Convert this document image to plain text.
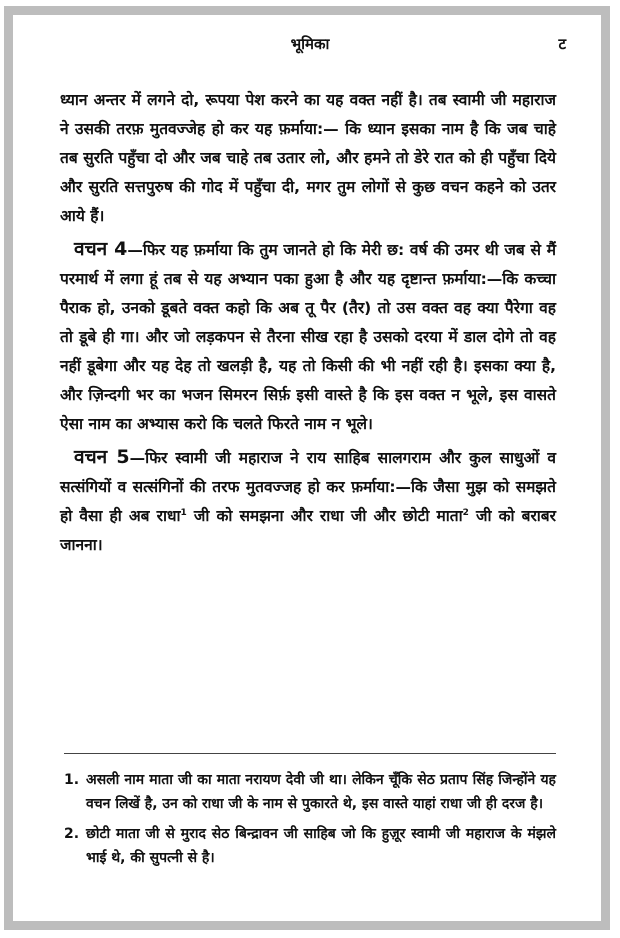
भूमिका	ट

ध्यान अन्तर में लगने दो, रूपया पेश करने का यह वक्त नहीं है। तब स्वामी जी महाराज ने उसकी तरफ़ मुतवज्जेह हो कर यह फ़र्माया:— कि ध्यान इसका नाम है कि जब चाहे तब सुरति पहुँचा दो और जब चाहे तब उतार लो, और हमने तो डेरे रात को ही पहुँचा दिये और सुरति सत्तपुरुष की गोद में पहुँचा दी, मगर तुम लोगों से कुछ वचन कहने को उतर आये हैं।

वचन 4—फिर यह फ़र्माया कि तुम जानते हो कि मेरी छ: वर्ष की उमर थी जब से मैं परमार्थ में लगा हूं तब से यह अभ्यान पका हुआ है और यह दृष्टान्त फ़र्माया:—कि कच्चा पैराक हो, उनको डूबते वक्त कहो कि अब तू पैर (तैर) तो उस वक्त वह क्या पैरेगा वह तो डूबे ही गा। और जो लड़कपन से तैरना सीख रहा है उसको दरया में डाल दोगे तो वह नहीं डूबेगा और यह देह तो खलड़ी है, यह तो किसी की भी नहीं रही है। इसका क्या है, और ज़िन्दगी भर का भजन सिमरन सिर्फ़ इसी वास्ते है कि इस वक्त न भूले, इस वासते ऐसा नाम का अभ्यास करो कि चलते फिरते नाम न भूले।

वचन 5—फिर स्वामी जी महाराज ने राय साहिब सालगराम और कुल साधुओं व सत्संगियों व सत्संगिनों की तरफ मुतवज्जह हो कर फ़र्माया:—कि जैसा मुझ को समझते हो वैसा ही अब राधा$^1$ जी को समझना और राधा जी और छोटी माता$^2$ जी को बराबर जानना।

1. असली नाम माता जी का माता नरायण देवी जी था। लेकिन चूँकि सेठ प्रताप सिंह जिन्होंने यह वचन लिखें है, उन को राधा जी के नाम से पुकारते थे, इस वास्ते याहां राधा जी ही दरज है।
2. छोटी माता जी से मुराद सेठ बिन्द्रावन जी साहिब जो कि हुज़ूर स्वामी जी महाराज के मंझले भाई थे, की सुपत्नी से है।
